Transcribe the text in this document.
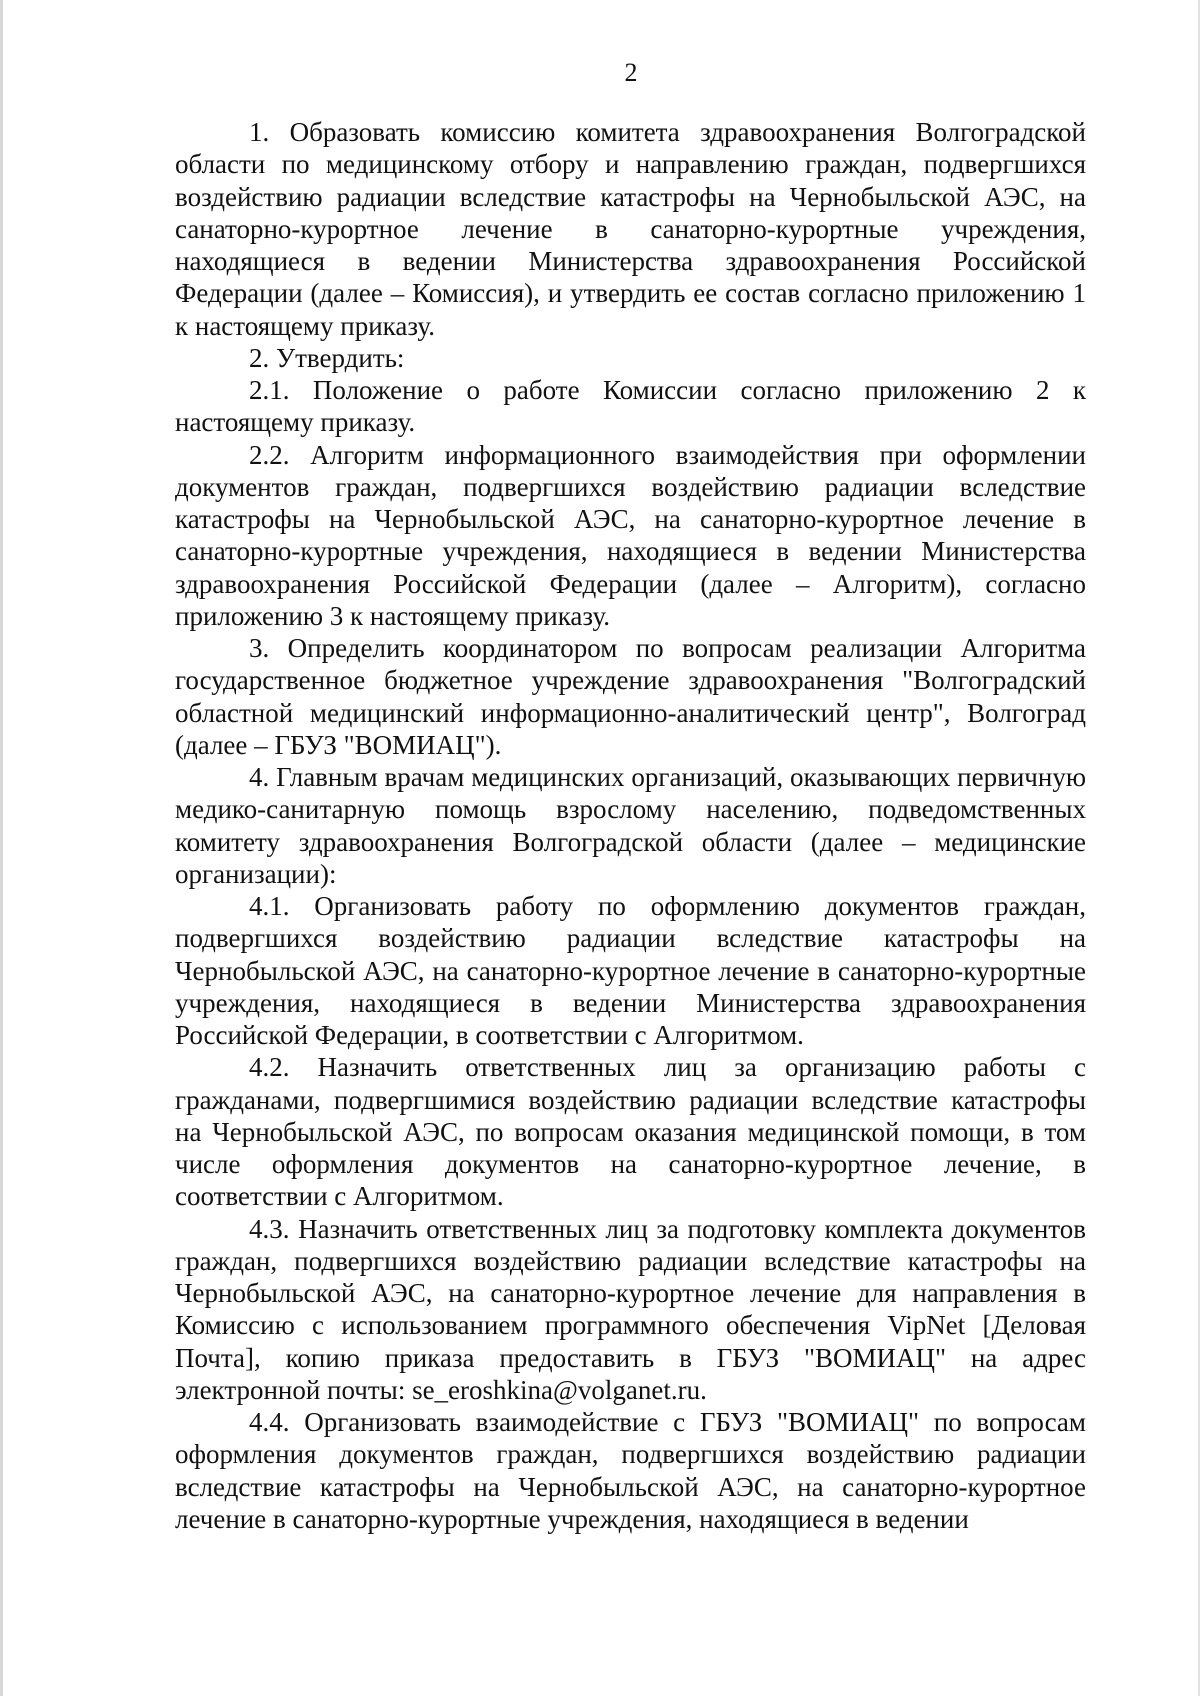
2

1. Образовать комиссию комитета здравоохранения Волгоградской области по медицинскому отбору и направлению граждан, подвергшихся воздействию радиации вследствие катастрофы на Чернобыльской АЭС, на санаторно-курортное лечение в санаторно-курортные учреждения, находящиеся в ведении Министерства здравоохранения Российской Федерации (далее – Комиссия), и утвердить ее состав согласно приложению 1 к настоящему приказу.

2. Утвердить:

2.1. Положение о работе Комиссии согласно приложению 2 к настоящему приказу.

2.2. Алгоритм информационного взаимодействия при оформлении документов граждан, подвергшихся воздействию радиации вследствие катастрофы на Чернобыльской АЭС, на санаторно-курортное лечение в санаторно-курортные учреждения, находящиеся в ведении Министерства здравоохранения Российской Федерации (далее – Алгоритм), согласно приложению 3 к настоящему приказу.

3. Определить координатором по вопросам реализации Алгоритма государственное бюджетное учреждение здравоохранения "Волгоградский областной медицинский информационно-аналитический центр", Волгоград (далее – ГБУЗ "ВОМИАЦ").

4. Главным врачам медицинских организаций, оказывающих первичную медико-санитарную помощь взрослому населению, подведомственных комитету здравоохранения Волгоградской области (далее – медицинские организации):

4.1. Организовать работу по оформлению документов граждан, подвергшихся воздействию радиации вследствие катастрофы на Чернобыльской АЭС, на санаторно-курортное лечение в санаторно-курортные учреждения, находящиеся в ведении Министерства здравоохранения Российской Федерации, в соответствии с Алгоритмом.

4.2. Назначить ответственных лиц за организацию работы с гражданами, подвергшимися воздействию радиации вследствие катастрофы на Чернобыльской АЭС, по вопросам оказания медицинской помощи, в том числе оформления документов на санаторно-курортное лечение, в соответствии с Алгоритмом.

4.3. Назначить ответственных лиц за подготовку комплекта документов граждан, подвергшихся воздействию радиации вследствие катастрофы на Чернобыльской АЭС, на санаторно-курортное лечение для направления в Комиссию с использованием программного обеспечения VipNet [Деловая Почта], копию приказа предоставить в ГБУЗ "ВОМИАЦ" на адрес электронной почты: se_eroshkina@volganet.ru.

4.4. Организовать взаимодействие с ГБУЗ "ВОМИАЦ" по вопросам оформления документов граждан, подвергшихся воздействию радиации вследствие катастрофы на Чернобыльской АЭС, на санаторно-курортное лечение в санаторно-курортные учреждения, находящиеся в ведении
